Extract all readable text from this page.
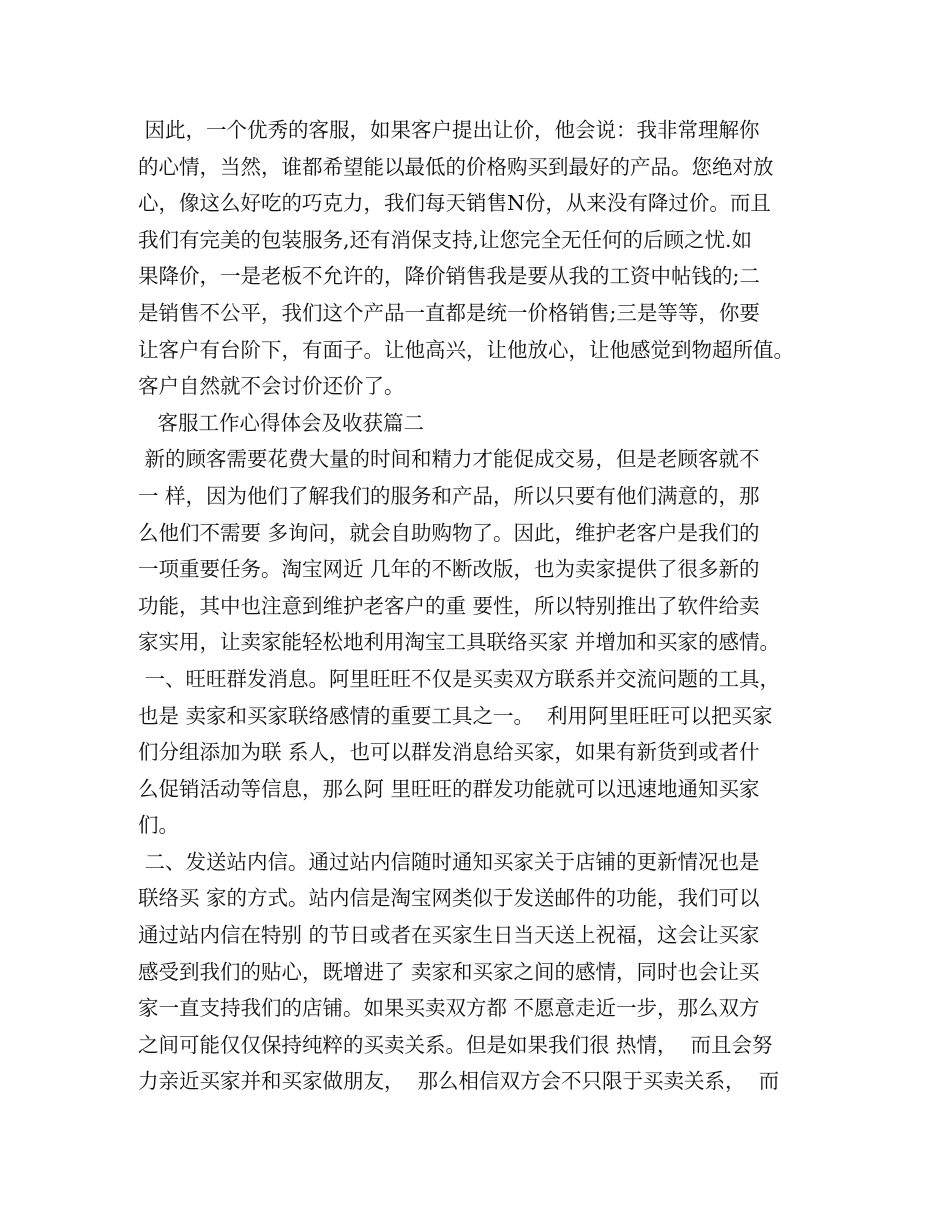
因此，一个优秀的客服，如果客户提出让价，他会说：我非常理解你
的心情，当然，谁都希望能以最低的价格购买到最好的产品。您绝对放
心，像这么好吃的巧克力，我们每天销售N份，从来没有降过价。而且
我们有完美的包装服务,还有消保支持,让您完全无任何的后顾之忧.如
果降价，一是老板不允许的，降价销售我是要从我的工资中帖钱的;二
是销售不公平，我们这个产品一直都是统一价格销售;三是等等，你要
让客户有台阶下，有面子。让他高兴，让他放心，让他感觉到物超所值。
客户自然就不会讨价还价了。
客服工作心得体会及收获篇二
新的顾客需要花费大量的时间和精力才能促成交易，但是老顾客就不
一 样，因为他们了解我们的服务和产品，所以只要有他们满意的，那
么他们不需要 多询问，就会自助购物了。因此，维护老客户是我们的
一项重要任务。淘宝网近 几年的不断改版，也为卖家提供了很多新的
功能，其中也注意到维护老客户的重 要性，所以特别推出了软件给卖
家实用，让卖家能轻松地利用淘宝工具联络买家 并增加和买家的感情。
一、旺旺群发消息。阿里旺旺不仅是买卖双方联系并交流问题的工具，
也是 卖家和买家联络感情的重要工具之一。  利用阿里旺旺可以把买家
们分组添加为联 系人，也可以群发消息给买家，如果有新货到或者什
么促销活动等信息，那么阿 里旺旺的群发功能就可以迅速地通知买家
们。
二、发送站内信。通过站内信随时通知买家关于店铺的更新情况也是
联络买 家的方式。站内信是淘宝网类似于发送邮件的功能，我们可以
通过站内信在特别 的节日或者在买家生日当天送上祝福，这会让买家
感受到我们的贴心，既增进了 卖家和买家之间的感情，同时也会让买
家一直支持我们的店铺。如果买卖双方都 不愿意走近一步，那么双方
之间可能仅仅保持纯粹的买卖关系。但是如果我们很 热情，  而且会努
力亲近买家并和买家做朋友，  那么相信双方会不只限于买卖关系，  而
